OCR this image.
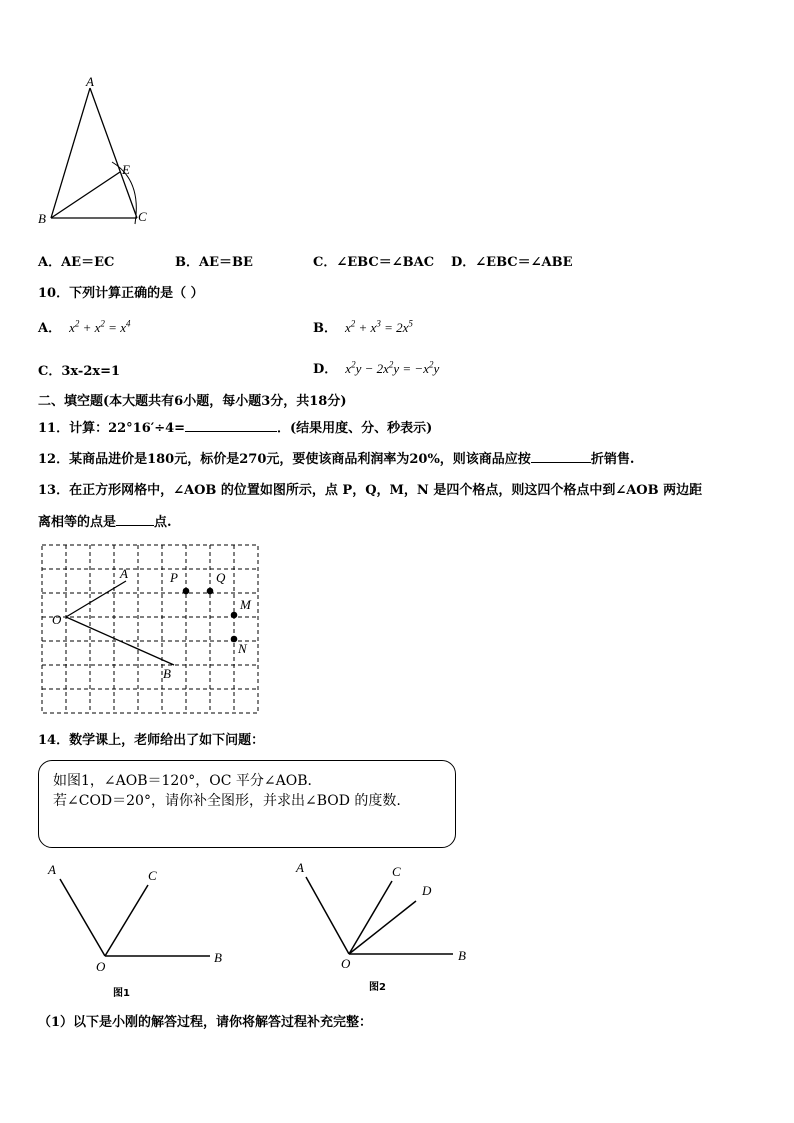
A
B	C
E
A．AE＝EC	B．AE＝BE	C．∠EBC＝∠BAC D．∠EBC＝∠ABE
10．下列计算正确的是（ ）
A． $x^2 + x^2 = x^4$	B． $x^2 + x^3 = 2x^5$
C．3x-2x=1	D． $x^2y - 2x^2y = -x^2y$
二、填空题(本大题共有6小题，每小题3分，共18分)
11．计算：22°16′÷4=	．(结果用度、分、秒表示)
12．某商品进价是180元，标价是270元，要使该商品利润率为20%，则该商品应按	折销售.
13．在正方形网格中，∠AOB 的位置如图所示，点 P，Q，M，N 是四个格点，则这四个格点中到∠AOB 两边距
离相等的点是	点.
A
O
B
P	Q
M
N
14．数学课上，老师给出了如下问题：
如图1，∠AOB＝120°，OC 平分∠AOB．
若∠COD＝20°，请你补全图形，并求出∠BOD 的度数.
A	C
O
B
图1
A	C
D
O
B
图2
（1）以下是小刚的解答过程，请你将解答过程补充完整：
